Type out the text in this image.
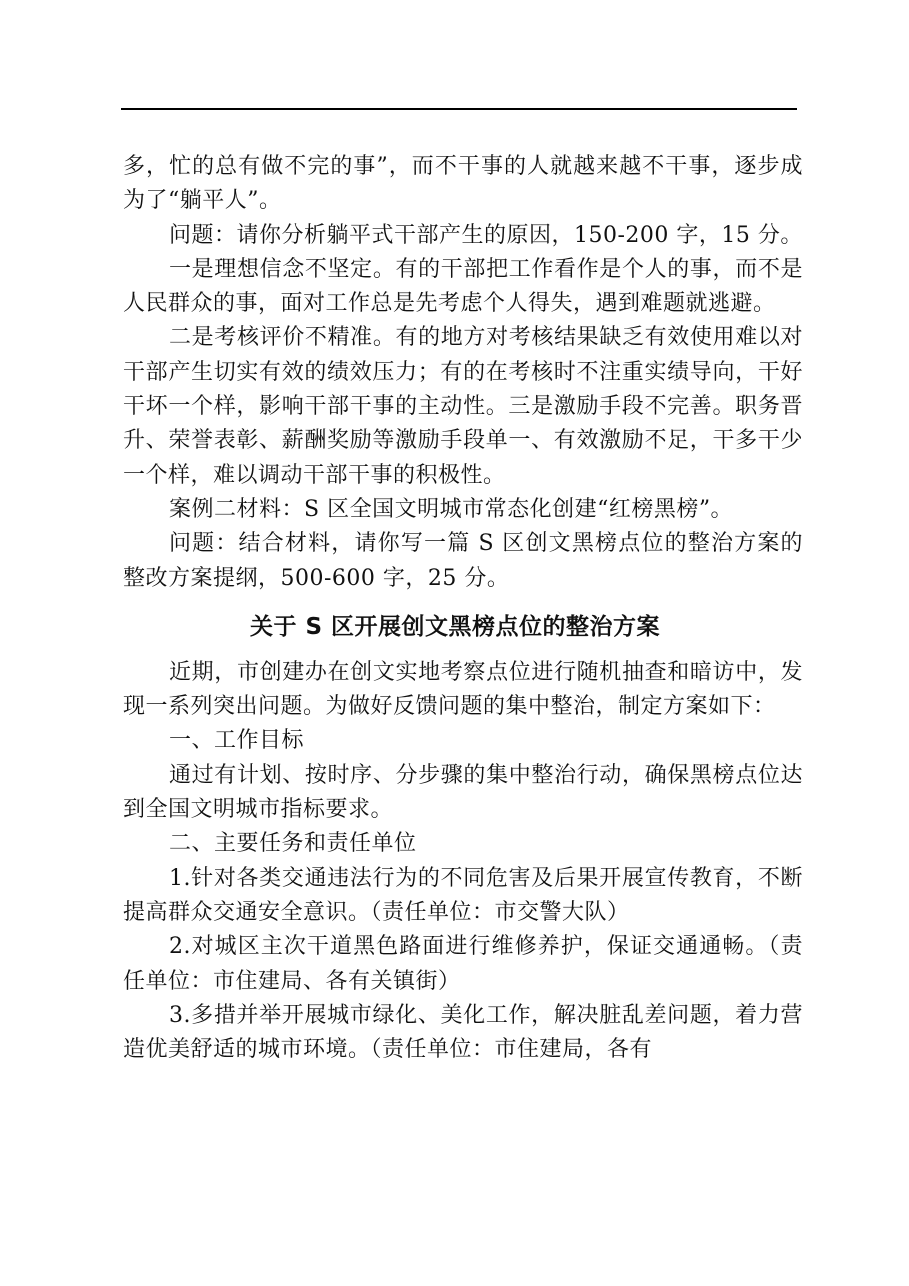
多，忙的总有做不完的事”，而不干事的人就越来越不干事，逐步成为了“躺平人”。

问题：请你分析躺平式干部产生的原因，150-200 字，15 分。

一是理想信念不坚定。有的干部把工作看作是个人的事，而不是人民群众的事，面对工作总是先考虑个人得失，遇到难题就逃避。

二是考核评价不精准。有的地方对考核结果缺乏有效使用难以对干部产生切实有效的绩效压力；有的在考核时不注重实绩导向，干好干坏一个样，影响干部干事的主动性。三是激励手段不完善。职务晋升、荣誉表彰、薪酬奖励等激励手段单一、有效激励不足，干多干少一个样，难以调动干部干事的积极性。

案例二材料：S 区全国文明城市常态化创建“红榜黑榜”。

问题：结合材料，请你写一篇 S 区创文黑榜点位的整治方案的整改方案提纲，500-600 字，25 分。

关于 S 区开展创文黑榜点位的整治方案

近期，市创建办在创文实地考察点位进行随机抽查和暗访中，发现一系列突出问题。为做好反馈问题的集中整治，制定方案如下：

一、工作目标

通过有计划、按时序、分步骤的集中整治行动，确保黑榜点位达到全国文明城市指标要求。

二、主要任务和责任单位

1.针对各类交通违法行为的不同危害及后果开展宣传教育，不断提高群众交通安全意识。（责任单位：市交警大队）

2.对城区主次干道黑色路面进行维修养护，保证交通通畅。（责任单位：市住建局、各有关镇街）

3.多措并举开展城市绿化、美化工作，解决脏乱差问题，着力营造优美舒适的城市环境。（责任单位：市住建局，各有
